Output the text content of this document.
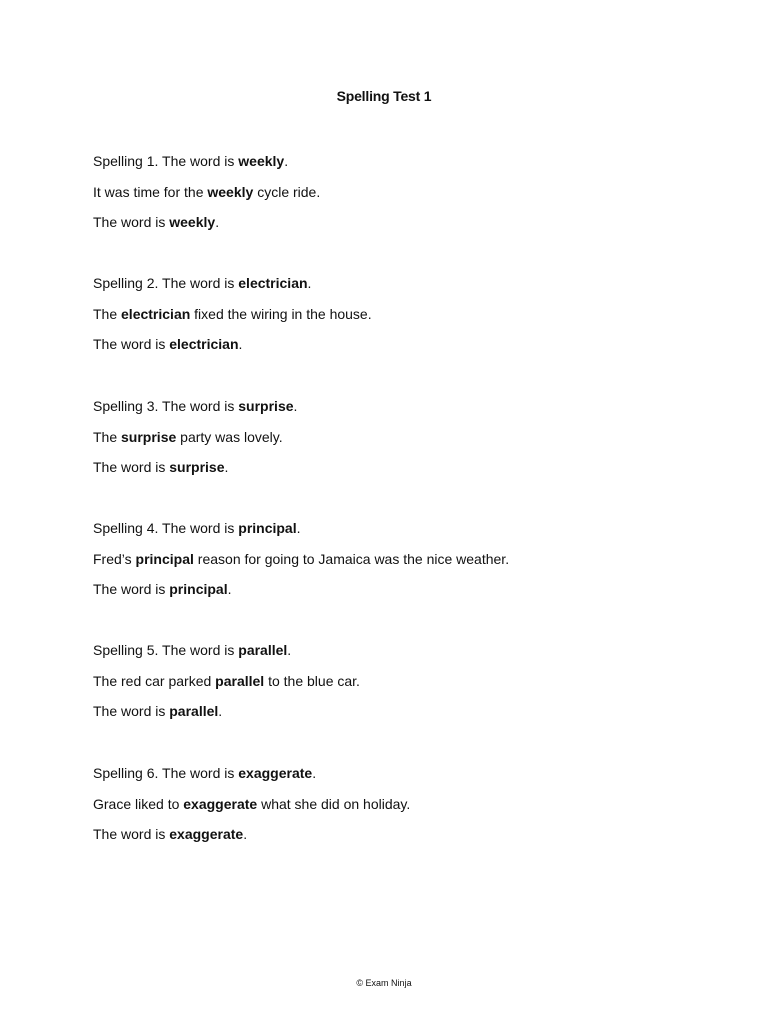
Spelling Test 1
Spelling 1. The word is weekly.
It was time for the weekly cycle ride.
The word is weekly.
Spelling 2. The word is electrician.
The electrician fixed the wiring in the house.
The word is electrician.
Spelling 3. The word is surprise.
The surprise party was lovely.
The word is surprise.
Spelling 4. The word is principal.
Fred’s principal reason for going to Jamaica was the nice weather.
The word is principal.
Spelling 5. The word is parallel.
The red car parked parallel to the blue car.
The word is parallel.
Spelling 6. The word is exaggerate.
Grace liked to exaggerate what she did on holiday.
The word is exaggerate.
© Exam Ninja
